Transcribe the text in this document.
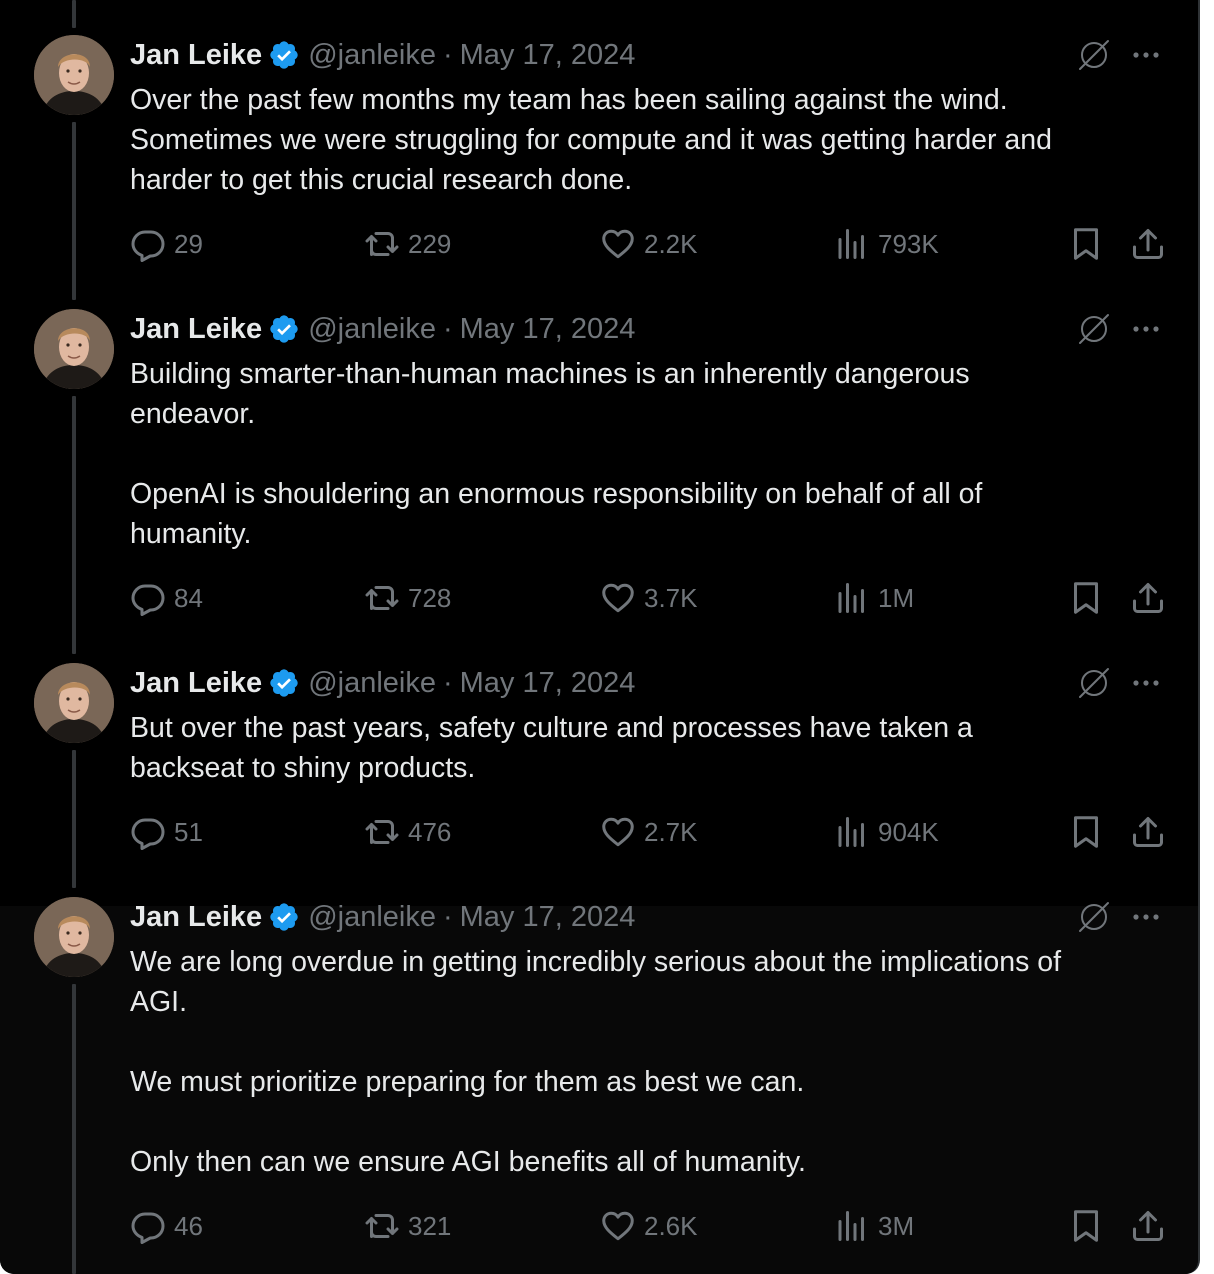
Jan Leike @janleike · May 17, 2024

Over the past few months my team has been sailing against the wind.

Sometimes we were struggling for compute and it was getting harder and

harder to get this crucial research done.

29	229	2.2K	793K
Jan Leike @janleike · May 17, 2024

Building smarter-than-human machines is an inherently dangerous

endeavor.

OpenAI is shouldering an enormous responsibility on behalf of all of

humanity.

84	728	3.7K	1M
Jan Leike @janleike · May 17, 2024

But over the past years, safety culture and processes have taken a

backseat to shiny products.

51	476	2.7K	904K
Jan Leike @janleike · May 17, 2024

We are long overdue in getting incredibly serious about the implications of

AGI.

We must prioritize preparing for them as best we can.

Only then can we ensure AGI benefits all of humanity.

46	321	2.6K	3M
